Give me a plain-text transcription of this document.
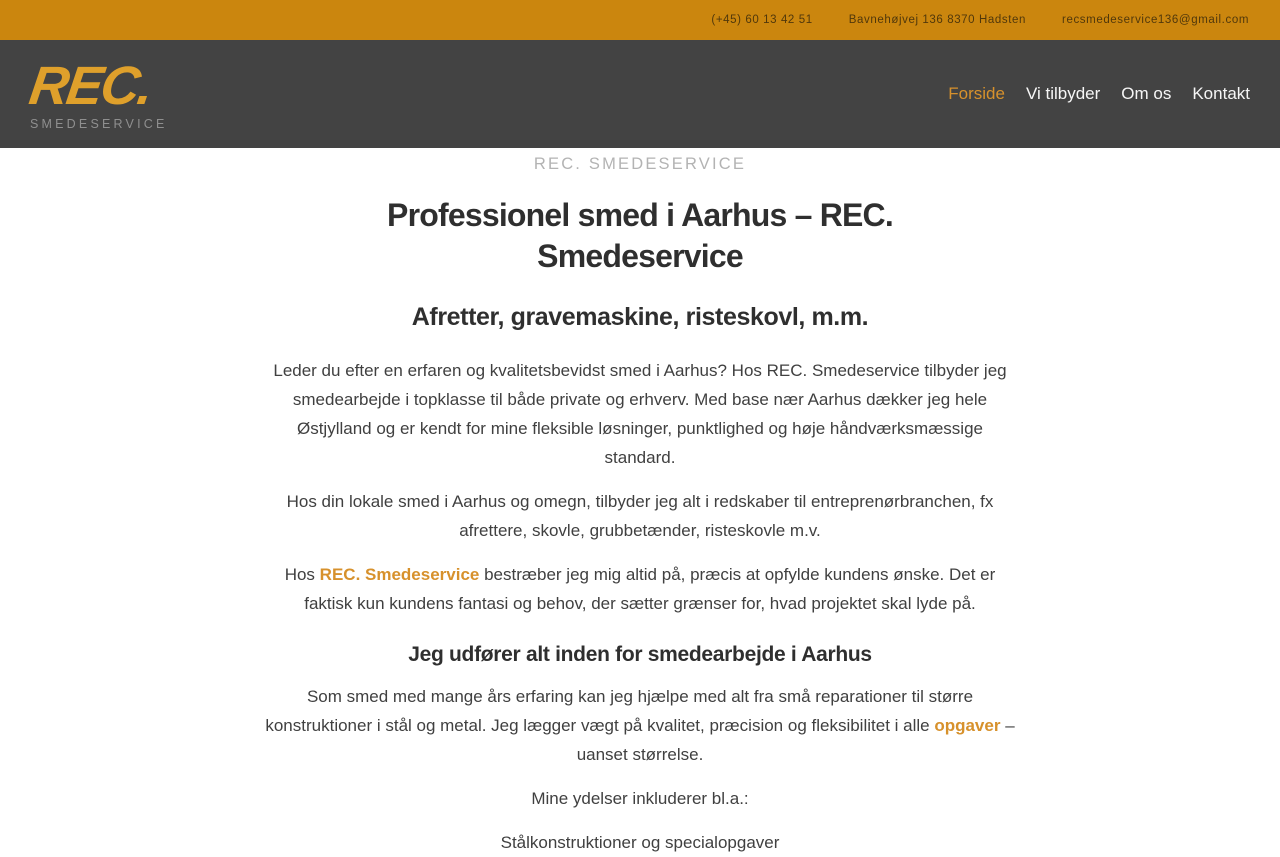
(+45) 60 13 42 51	Bavnehøjvej 136 8370 Hadsten	recsmedeservice136@gmail.com
REC.
SMEDESERVICE
Forside Vi tilbyder Om os Kontakt
REC. SMEDESERVICE
Professionel smed i Aarhus – REC. Smedeservice
Afretter, gravemaskine, risteskovl, m.m.

Leder du efter en erfaren og kvalitetsbevidst smed i Aarhus? Hos REC. Smedeservice tilbyder jeg smedearbejde i topklasse til både private og erhverv. Med base nær Aarhus dækker jeg hele Østjylland og er kendt for mine fleksible løsninger, punktlighed og høje håndværksmæssige standard.

Hos din lokale smed i Aarhus og omegn, tilbyder jeg alt i redskaber til entreprenørbranchen, fx afrettere, skovle, grubbetænder, risteskovle m.v.

Hos REC. Smedeservice bestræber jeg mig altid på, præcis at opfylde kundens ønske. Det er faktisk kun kundens fantasi og behov, der sætter grænser for, hvad projektet skal lyde på.

Jeg udfører alt inden for smedearbejde i Aarhus

Som smed med mange års erfaring kan jeg hjælpe med alt fra små reparationer til større konstruktioner i stål og metal. Jeg lægger vægt på kvalitet, præcision og fleksibilitet i alle opgaver – uanset størrelse.

Mine ydelser inkluderer bl.a.:

Stålkonstruktioner og specialopgaver
